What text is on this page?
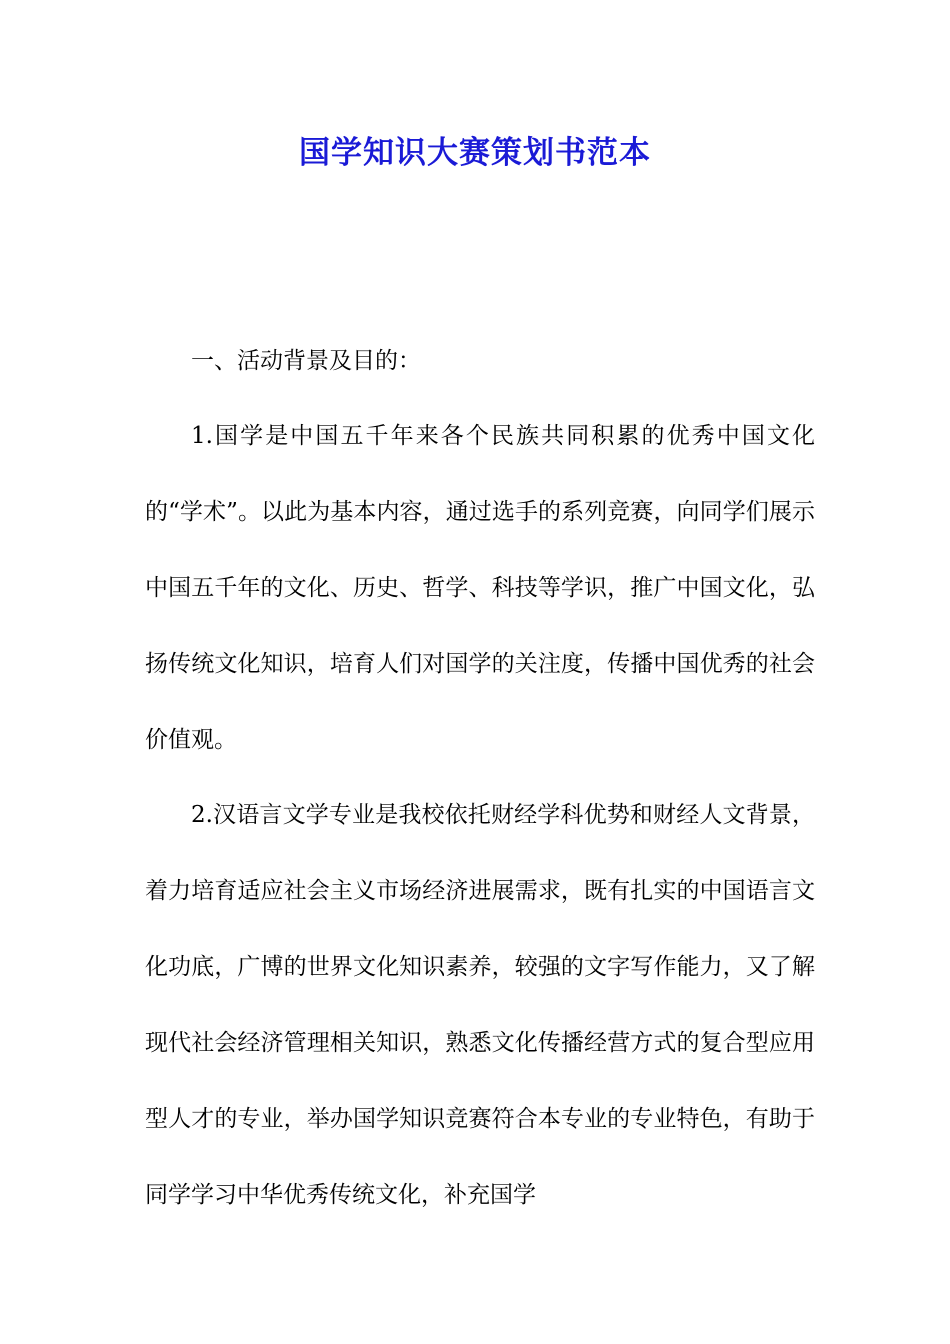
国学知识大赛策划书范本
一、活动背景及目的：

1.国学是中国五千年来各个民族共同积累的优秀中国文化的“学术”。以此为基本内容，通过选手的系列竞赛，向同学们展示中国五千年的文化、历史、哲学、科技等学识，推广中国文化，弘扬传统文化知识，培育人们对国学的关注度，传播中国优秀的社会价值观。

2.汉语言文学专业是我校依托财经学科优势和财经人文背景，着力培育适应社会主义市场经济进展需求，既有扎实的中国语言文化功底，广博的世界文化知识素养，较强的文字写作能力，又了解现代社会经济管理相关知识，熟悉文化传播经营方式的复合型应用型人才的专业，举办国学知识竞赛符合本专业的专业特色，有助于同学学习中华优秀传统文化，补充国学
